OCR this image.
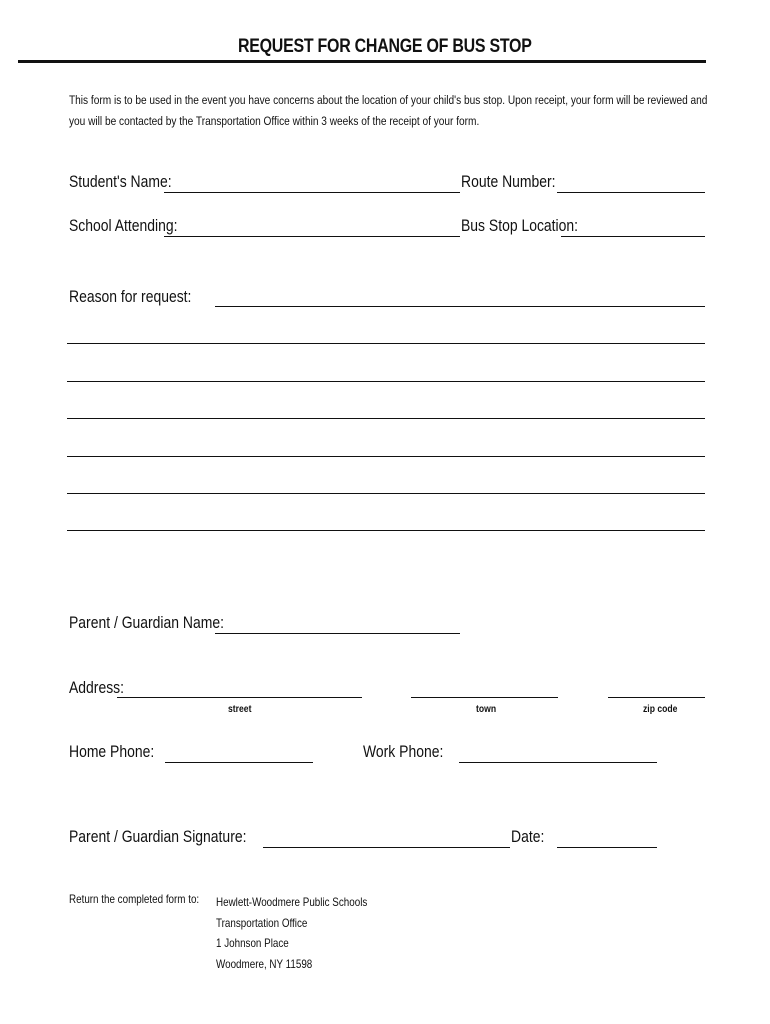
REQUEST FOR CHANGE OF BUS STOP
This form is to be used in the event you have concerns about the location of your child's bus stop. Upon receipt, your form will be reviewed and
you will be contacted by the Transportation Office within 3 weeks of the receipt of your form.
Student's Name:	Route Number:
School Attending:	Bus Stop Location:
Reason for request:
Parent / Guardian Name:
Address:
street	town	zip code
Home Phone:	Work Phone:
Parent / Guardian Signature:	Date:
Return the completed form to: Hewlett-Woodmere Public Schools
Transportation Office
1 Johnson Place
Woodmere, NY 11598
